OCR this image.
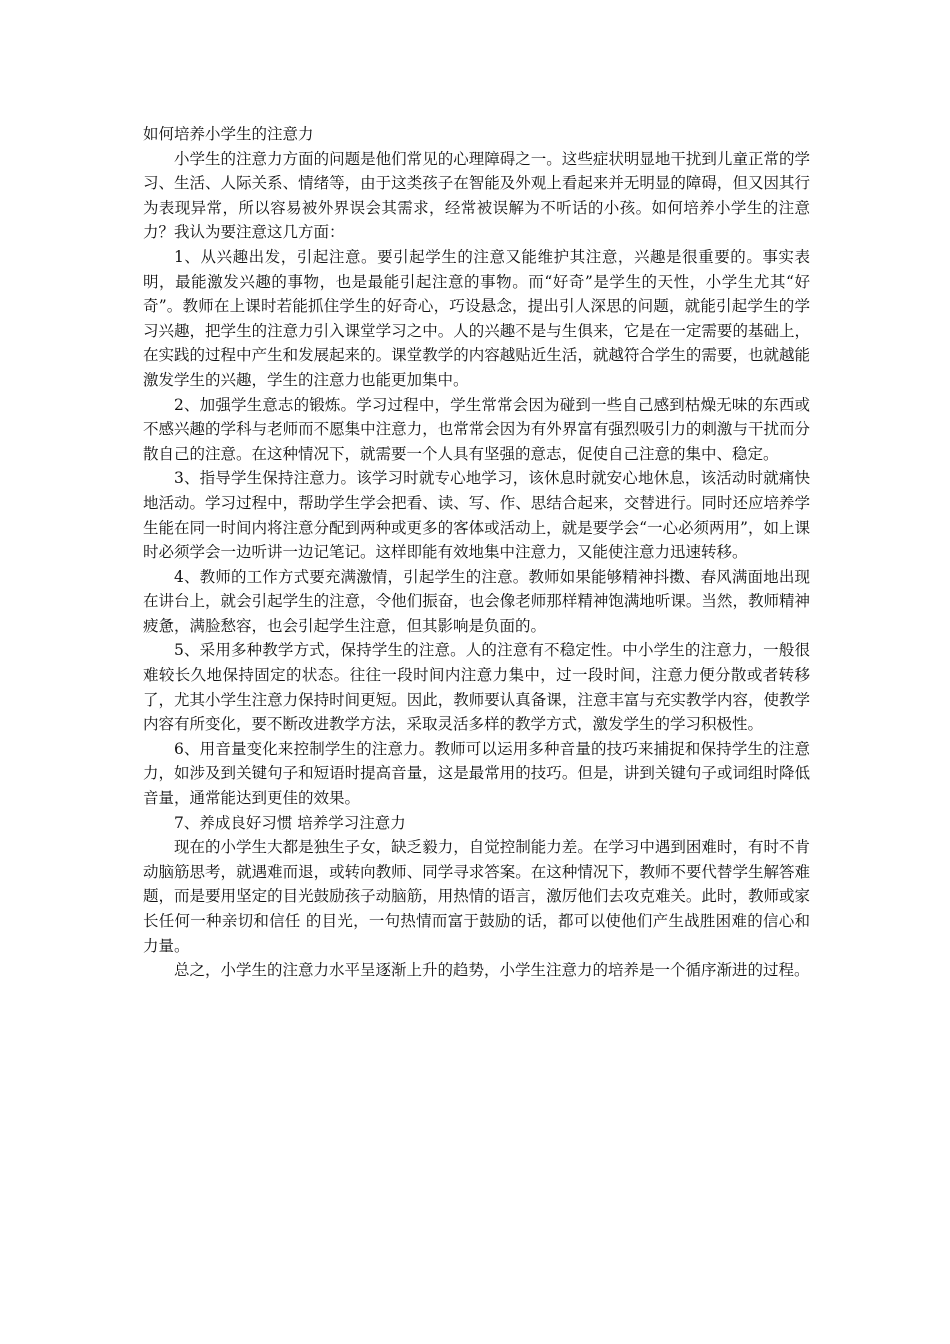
如何培养小学生的注意力

小学生的注意力方面的问题是他们常见的心理障碍之一。这些症状明显地干扰到儿童正常的学习、生活、人际关系、情绪等，由于这类孩子在智能及外观上看起来并无明显的障碍，但又因其行为表现异常，所以容易被外界误会其需求，经常被误解为不听话的小孩。如何培养小学生的注意力？我认为要注意这几方面：

1、从兴趣出发，引起注意。要引起学生的注意又能维护其注意，兴趣是很重要的。事实表明，最能激发兴趣的事物，也是最能引起注意的事物。而“好奇”是学生的天性，小学生尤其“好奇”。教师在上课时若能抓住学生的好奇心，巧设悬念，提出引人深思的问题，就能引起学生的学习兴趣，把学生的注意力引入课堂学习之中。人的兴趣不是与生俱来，它是在一定需要的基础上，在实践的过程中产生和发展起来的。课堂教学的内容越贴近生活，就越符合学生的需要，也就越能激发学生的兴趣，学生的注意力也能更加集中。

2、加强学生意志的锻炼。学习过程中，学生常常会因为碰到一些自己感到枯燥无味的东西或不感兴趣的学科与老师而不愿集中注意力，也常常会因为有外界富有强烈吸引力的刺激与干扰而分散自己的注意。在这种情况下，就需要一个人具有坚强的意志，促使自己注意的集中、稳定。

3、指导学生保持注意力。该学习时就专心地学习，该休息时就安心地休息，该活动时就痛快地活动。学习过程中，帮助学生学会把看、读、写、作、思结合起来，交替进行。同时还应培养学生能在同一时间内将注意分配到两种或更多的客体或活动上，就是要学会“一心必须两用”，如上课时必须学会一边听讲一边记笔记。这样即能有效地集中注意力，又能使注意力迅速转移。

4、教师的工作方式要充满激情，引起学生的注意。教师如果能够精神抖擞、春风满面地出现在讲台上，就会引起学生的注意，令他们振奋，也会像老师那样精神饱满地听课。当然，教师精神疲惫，满脸愁容，也会引起学生注意，但其影响是负面的。

5、采用多种教学方式，保持学生的注意。人的注意有不稳定性。中小学生的注意力，一般很难较长久地保持固定的状态。往往一段时间内注意力集中，过一段时间，注意力便分散或者转移了，尤其小学生注意力保持时间更短。因此，教师要认真备课，注意丰富与充实教学内容，使教学内容有所变化，要不断改进教学方法，采取灵活多样的教学方式，激发学生的学习积极性。

6、用音量变化来控制学生的注意力。教师可以运用多种音量的技巧来捕捉和保持学生的注意力，如涉及到关键句子和短语时提高音量，这是最常用的技巧。但是，讲到关键句子或词组时降低音量，通常能达到更佳的效果。

7、养成良好习惯 培养学习注意力

现在的小学生大都是独生子女，缺乏毅力，自觉控制能力差。在学习中遇到困难时，有时不肯动脑筋思考，就遇难而退，或转向教师、同学寻求答案。在这种情况下，教师不要代替学生解答难题，而是要用坚定的目光鼓励孩子动脑筋，用热情的语言，激厉他们去攻克难关。此时，教师或家长任何一种亲切和信任 的目光，一句热情而富于鼓励的话，都可以使他们产生战胜困难的信心和力量。

总之，小学生的注意力水平呈逐渐上升的趋势，小学生注意力的培养是一个循序渐进的过程。
